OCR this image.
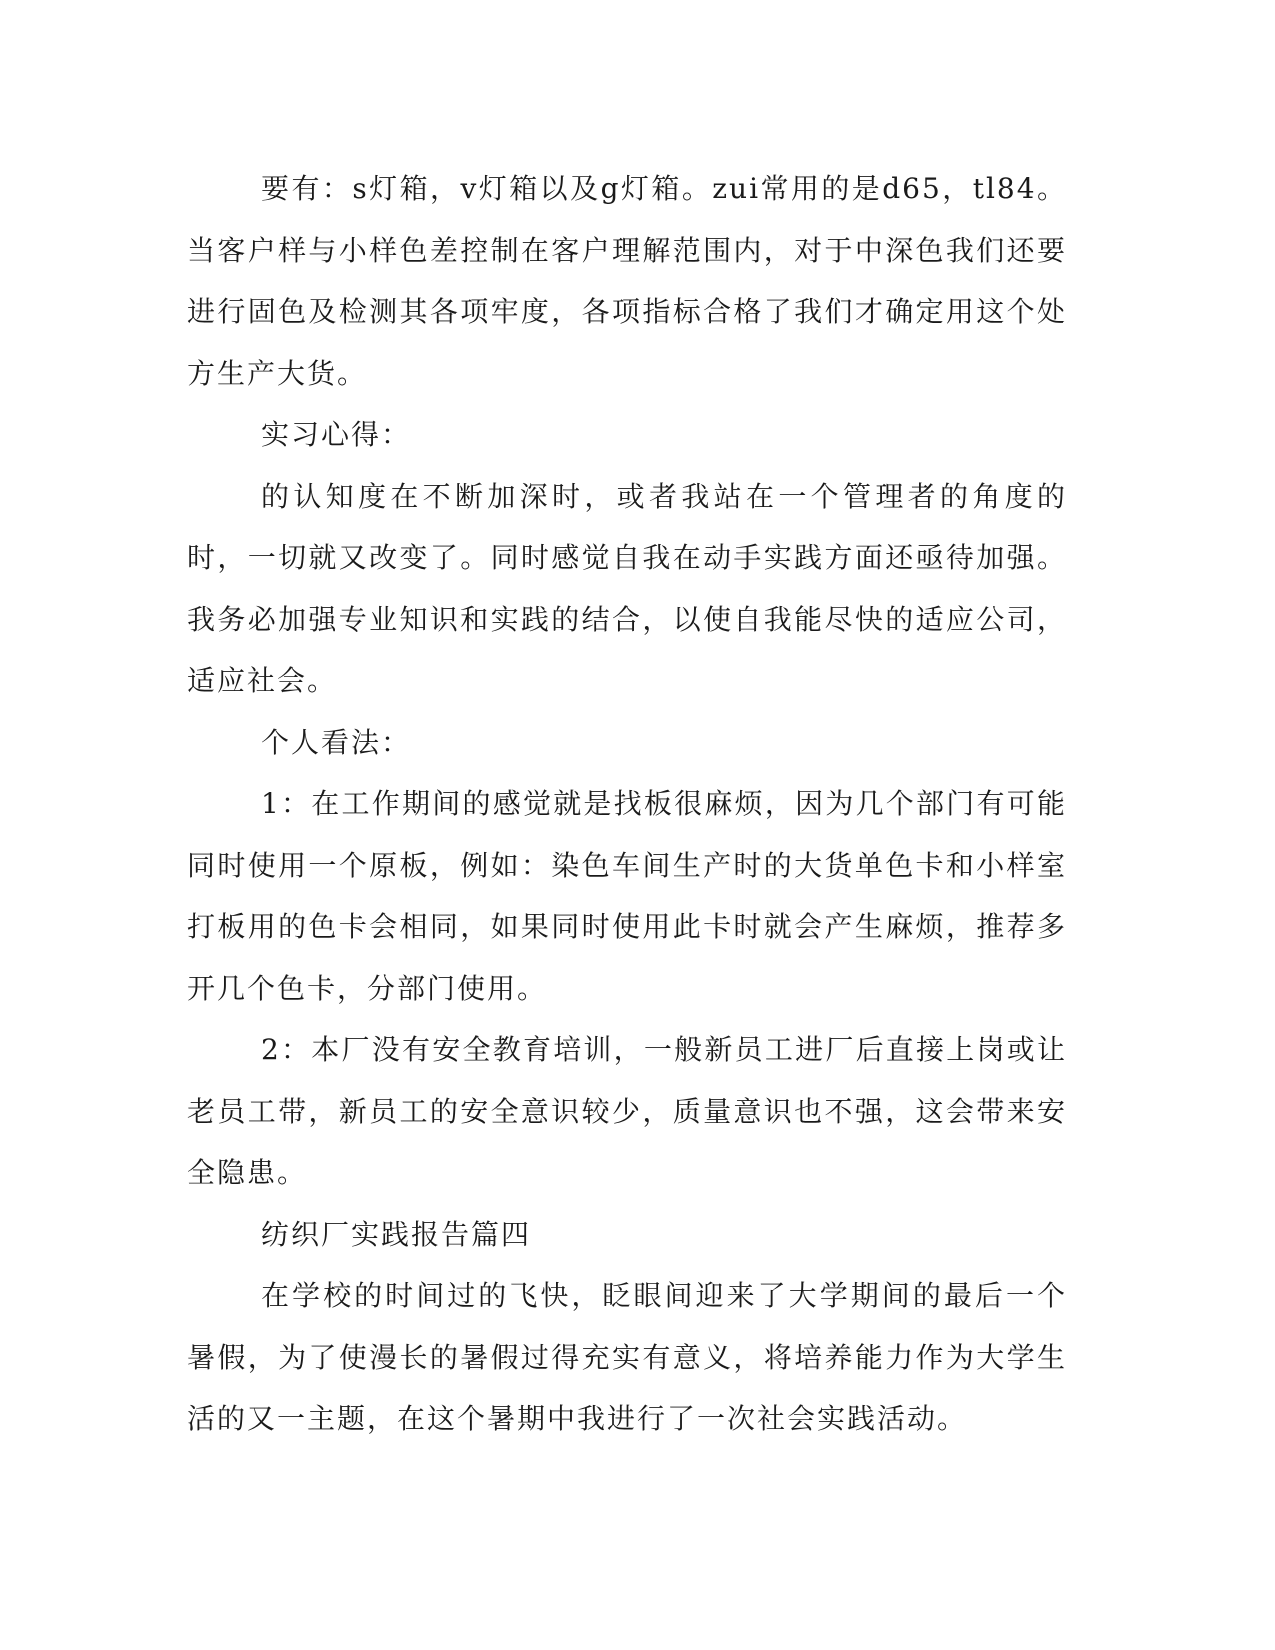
要有：s灯箱，v灯箱以及g灯箱。zui常用的是d65，tl84。当客户样与小样色差控制在客户理解范围内，对于中深色我们还要进行固色及检测其各项牢度，各项指标合格了我们才确定用这个处方生产大货。

实习心得：

的认知度在不断加深时，或者我站在一个管理者的角度的时，一切就又改变了。同时感觉自我在动手实践方面还亟待加强。我务必加强专业知识和实践的结合，以使自我能尽快的适应公司，适应社会。

个人看法：

1：在工作期间的感觉就是找板很麻烦，因为几个部门有可能同时使用一个原板，例如：染色车间生产时的大货单色卡和小样室打板用的色卡会相同，如果同时使用此卡时就会产生麻烦，推荐多开几个色卡，分部门使用。

2：本厂没有安全教育培训，一般新员工进厂后直接上岗或让老员工带，新员工的安全意识较少，质量意识也不强，这会带来安全隐患。

纺织厂实践报告篇四

在学校的时间过的飞快，眨眼间迎来了大学期间的最后一个暑假，为了使漫长的暑假过得充实有意义，将培养能力作为大学生活的又一主题，在这个暑期中我进行了一次社会实践活动。
